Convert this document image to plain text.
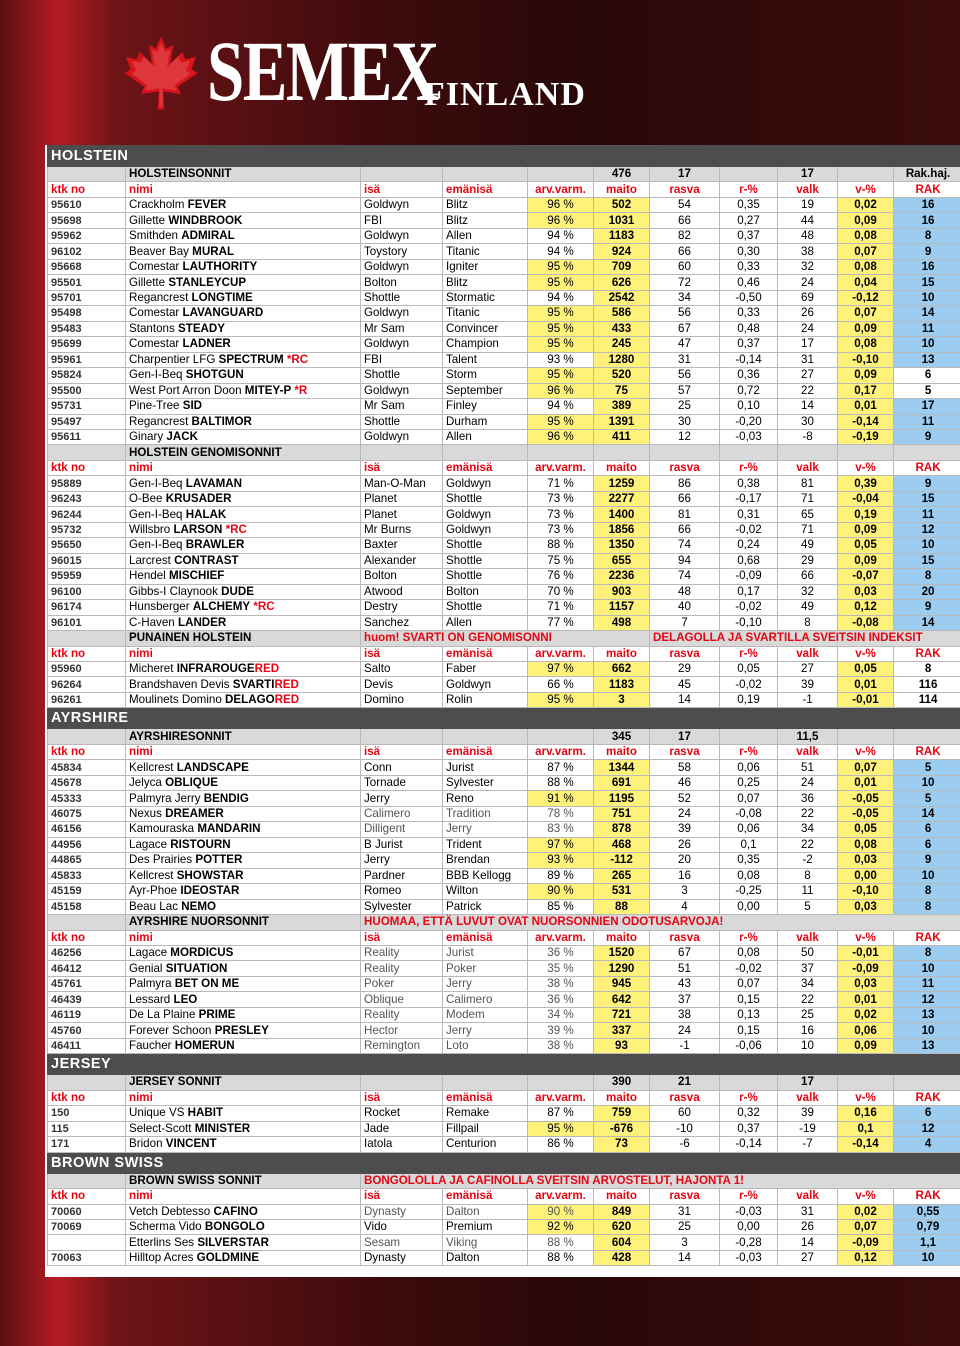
SEMEX
FINLAND
HOLSTEIN										
	HOLSTEINSONNIT				476	17		17		Rak.haj.
ktk no	nimi	isä	emänisä	arv.varm.	maito	rasva	r-%	valk	v-%	RAK
95610	Crackholm FEVER	Goldwyn	Blitz	96 %	502	54	0,35	19	0,02	16
95698	Gillette WINDBROOK	FBI	Blitz	96 %	1031	66	0,27	44	0,09	16
95962	Smithden ADMIRAL	Goldwyn	Allen	94 %	1183	82	0,37	48	0,08	8
96102	Beaver Bay MURAL	Toystory	Titanic	94 %	924	66	0,30	38	0,07	9
95668	Comestar LAUTHORITY	Goldwyn	Igniter	95 %	709	60	0,33	32	0,08	16
95501	Gillette STANLEYCUP	Bolton	Blitz	95 %	626	72	0,46	24	0,04	15
95701	Regancrest LONGTIME	Shottle	Stormatic	94 %	2542	34	-0,50	69	-0,12	10
95498	Comestar LAVANGUARD	Goldwyn	Titanic	95 %	586	56	0,33	26	0,07	14
95483	Stantons STEADY	Mr Sam	Convincer	95 %	433	67	0,48	24	0,09	11
95699	Comestar LADNER	Goldwyn	Champion	95 %	245	47	0,37	17	0,08	10
95961	Charpentier LFG SPECTRUM *RC	FBI	Talent	93 %	1280	31	-0,14	31	-0,10	13
95824	Gen-I-Beq SHOTGUN	Shottle	Storm	95 %	520	56	0,36	27	0,09	6
95500	West Port Arron Doon MITEY-P *R	Goldwyn	September	96 %	75	57	0,72	22	0,17	5
95731	Pine-Tree SID	Mr Sam	Finley	94 %	389	25	0,10	14	0,01	17
95497	Regancrest BALTIMOR	Shottle	Durham	95 %	1391	30	-0,20	30	-0,14	11
95611	Ginary JACK	Goldwyn	Allen	96 %	411	12	-0,03	-8	-0,19	9
	HOLSTEIN GENOMISONNIT									
ktk no	nimi	isä	emänisä	arv.varm.	maito	rasva	r-%	valk	v-%	RAK
95889	Gen-I-Beq LAVAMAN	Man-O-Man	Goldwyn	71 %	1259	86	0,38	81	0,39	9
96243	O-Bee KRUSADER	Planet	Shottle	73 %	2277	66	-0,17	71	-0,04	15
96244	Gen-I-Beq HALAK	Planet	Goldwyn	73 %	1400	81	0,31	65	0,19	11
95732	Willsbro LARSON *RC	Mr Burns	Goldwyn	73 %	1856	66	-0,02	71	0,09	12
95650	Gen-I-Beq BRAWLER	Baxter	Shottle	88 %	1350	74	0,24	49	0,05	10
96015	Larcrest CONTRAST	Alexander	Shottle	75 %	655	94	0,68	29	0,09	15
95959	Hendel MISCHIEF	Bolton	Shottle	76 %	2236	74	-0,09	66	-0,07	8
96100	Gibbs-I Claynook DUDE	Atwood	Bolton	70 %	903	48	0,17	32	0,03	20
96174	Hunsberger ALCHEMY *RC	Destry	Shottle	71 %	1157	40	-0,02	49	0,12	9
96101	C-Haven LANDER	Sanchez	Allen	77 %	498	7	-0,10	8	-0,08	14
	PUNAINEN HOLSTEIN	huom! SVARTI ON GENOMISONNI				DELAGOLLA JA SVARTILLA SVEITSIN INDEKSIT				
ktk no	nimi	isä	emänisä	arv.varm.	maito	rasva	r-%	valk	v-%	RAK
95960	Micheret INFRAROUGERED	Salto	Faber	97 %	662	29	0,05	27	0,05	8
96264	Brandshaven Devis SVARTIRED	Devis	Goldwyn	66 %	1183	45	-0,02	39	0,01	116
96261	Moulinets Domino DELAGORED	Domino	Rolin	95 %	3	14	0,19	-1	-0,01	114
AYRSHIRE										
	AYRSHIRESONNIT				345	17		11,5		
ktk no	nimi	isä	emänisä	arv.varm.	maito	rasva	r-%	valk	v-%	RAK
45834	Kellcrest LANDSCAPE	Conn	Jurist	87 %	1344	58	0,06	51	0,07	5
45678	Jelyca OBLIQUE	Tornade	Sylvester	88 %	691	46	0,25	24	0,01	10
45333	Palmyra Jerry BENDIG	Jerry	Reno	91 %	1195	52	0,07	36	-0,05	5
46075	Nexus DREAMER	Calimero	Tradition	78 %	751	24	-0,08	22	-0,05	14
46156	Kamouraska MANDARIN	Dilligent	Jerry	83 %	878	39	0,06	34	0,05	6
44956	Lagace RISTOURN	B Jurist	Trident	97 %	468	26	0,1	22	0,08	6
44865	Des Prairies POTTER	Jerry	Brendan	93 %	-112	20	0,35	-2	0,03	9
45833	Kellcrest SHOWSTAR	Pardner	BBB Kellogg	89 %	265	16	0,08	8	0,00	10
45159	Ayr-Phoe IDEOSTAR	Romeo	Wilton	90 %	531	3	-0,25	11	-0,10	8
45158	Beau Lac NEMO	Sylvester	Patrick	85 %	88	4	0,00	5	0,03	8
	AYRSHIRE NUORSONNIT	HUOMAA, ETTÄ LUVUT OVAT NUORSONNIEN ODOTUSARVOJA!								
ktk no	nimi	isä	emänisä	arv.varm.	maito	rasva	r-%	valk	v-%	RAK
46256	Lagace MORDICUS	Reality	Jurist	36 %	1520	67	0,08	50	-0,01	8
46412	Genial SITUATION	Reality	Poker	35 %	1290	51	-0,02	37	-0,09	10
45761	Palmyra BET ON ME	Poker	Jerry	38 %	945	43	0,07	34	0,03	11
46439	Lessard LEO	Oblique	Calimero	36 %	642	37	0,15	22	0,01	12
46119	De La Plaine PRIME	Reality	Modem	34 %	721	38	0,13	25	0,02	13
45760	Forever Schoon PRESLEY	Hector	Jerry	39 %	337	24	0,15	16	0,06	10
46411	Faucher HOMERUN	Remington	Loto	38 %	93	-1	-0,06	10	0,09	13
JERSEY										
	JERSEY SONNIT				390	21		17		
ktk no	nimi	isä	emänisä	arv.varm.	maito	rasva	r-%	valk	v-%	RAK
150	Unique VS HABIT	Rocket	Remake	87 %	759	60	0,32	39	0,16	6
115	Select-Scott MINISTER	Jade	Fillpail	95 %	-676	-10	0,37	-19	0,1	12
171	Bridon VINCENT	Iatola	Centurion	86 %	73	-6	-0,14	-7	-0,14	4
BROWN SWISS										
	BROWN SWISS SONNIT	BONGOLOLLA JA CAFINOLLA SVEITSIN ARVOSTELUT, HAJONTA 1!								
ktk no	nimi	isä	emänisä	arv.varm.	maito	rasva	r-%	valk	v-%	RAK
70060	Vetch Debtesso CAFINO	Dynasty	Dalton	90 %	849	31	-0,03	31	0,02	0,55
70069	Scherma Vido BONGOLO	Vido	Premium	92 %	620	25	0,00	26	0,07	0,79
	Etterlins Ses SILVERSTAR	Sesam	Viking	88 %	604	3	-0,28	14	-0,09	1,1
70063	Hilltop Acres GOLDMINE	Dynasty	Dalton	88 %	428	14	-0,03	27	0,12	10
